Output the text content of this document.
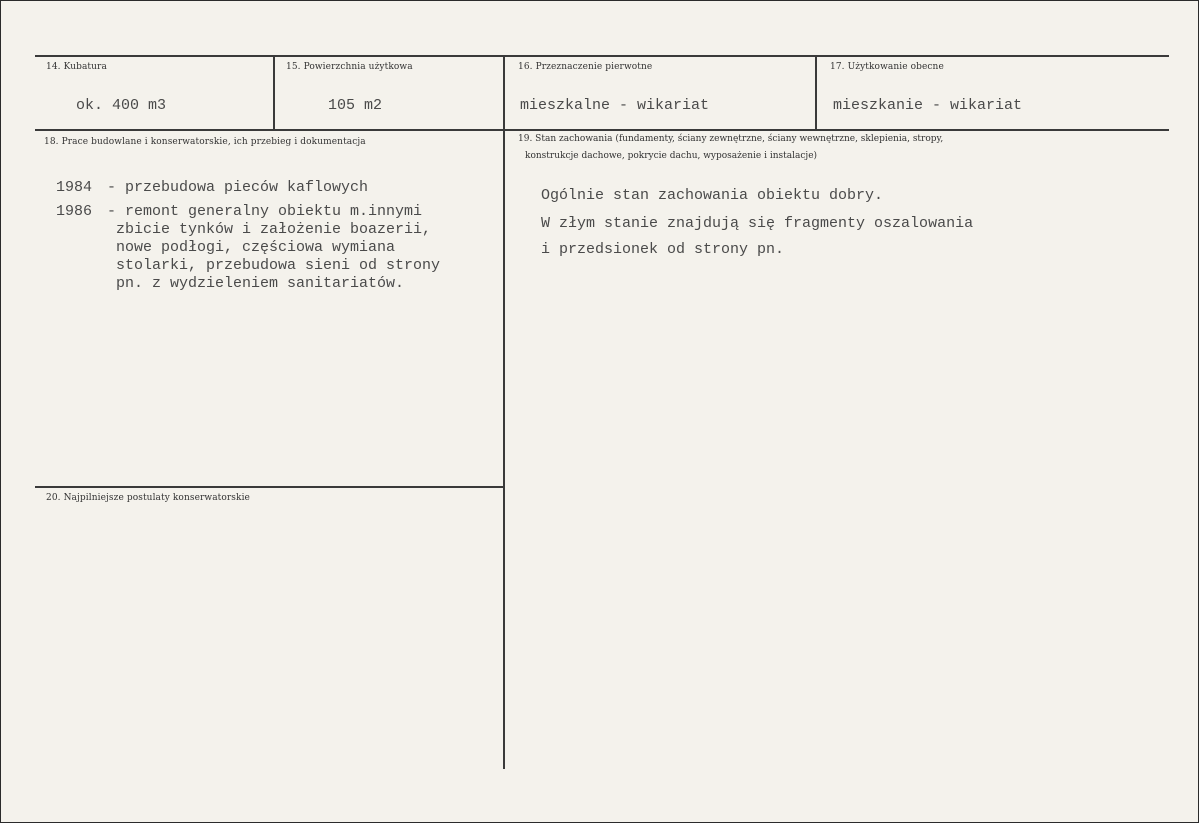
14. Kubatura	15. Powierzchnia użytkowa	16. Przeznaczenie pierwotne	17. Użytkowanie obecne
ok. 400 m3	105 m2	mieszkalne - wikariat	mieszkanie - wikariat
18. Prace budowlane i konserwatorskie, ich przebieg i dokumentacja
1984 - przebudowa pieców kaflowych
1986 - remont generalny obiektu m.innymi
zbicie tynków i założenie boazerii,
nowe podłogi, częściowa wymiana
stolarki, przebudowa sieni od strony
pn. z wydzieleniem sanitariatów.
19. Stan zachowania (fundamenty, ściany zewnętrzne, ściany wewnętrzne, sklepienia, stropy,
konstrukcje dachowe, pokrycie dachu, wyposażenie i instalacje)
Ogólnie stan zachowania obiektu dobry.
W złym stanie znajdują się fragmenty oszalowania
i przedsionek od strony pn.
20. Najpilniejsze postulaty konserwatorskie
